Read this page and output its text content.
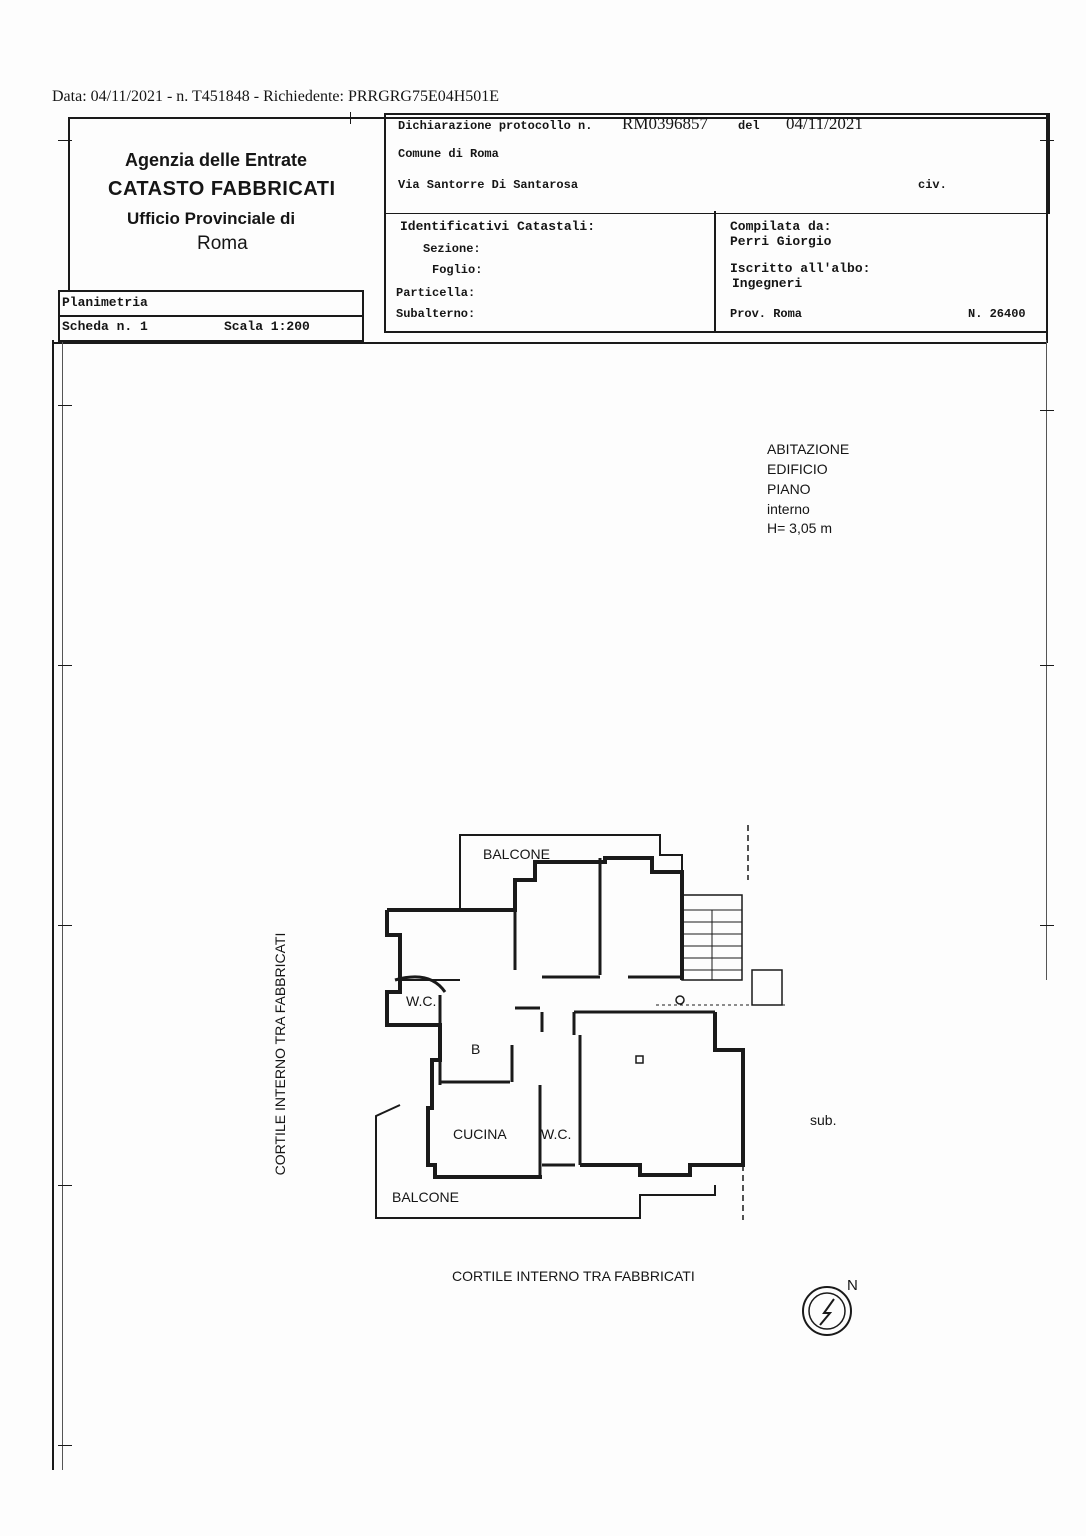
Data: 04/11/2021 - n. T451848 - Richiedente: PRRGRG75E04H501E
Agenzia delle Entrate
CATASTO FABBRICATI
Ufficio Provinciale di
Roma
Dichiarazione protocollo n. RM0396857	del 04/11/2021
Comune di Roma
Via Santorre Di Santarosa	civ.
Identificativi Catastali:
Sezione:
Foglio:
Particella:
Subalterno:
Compilata da:
Perri Giorgio
Iscritto all'albo:
Ingegneri
Prov. Roma	N. 26400
Planimetria
Scheda n. 1	Scala 1:200
ABITAZIONE
EDIFICIO
PIANO
interno
H= 3,05 m
CORTILE INTERNO TRA FABBRICATI
BALCONE
W.C.
B
CUCINA W.C.
BALCONE
sub.
CORTILE INTERNO TRA FABBRICATI
N
